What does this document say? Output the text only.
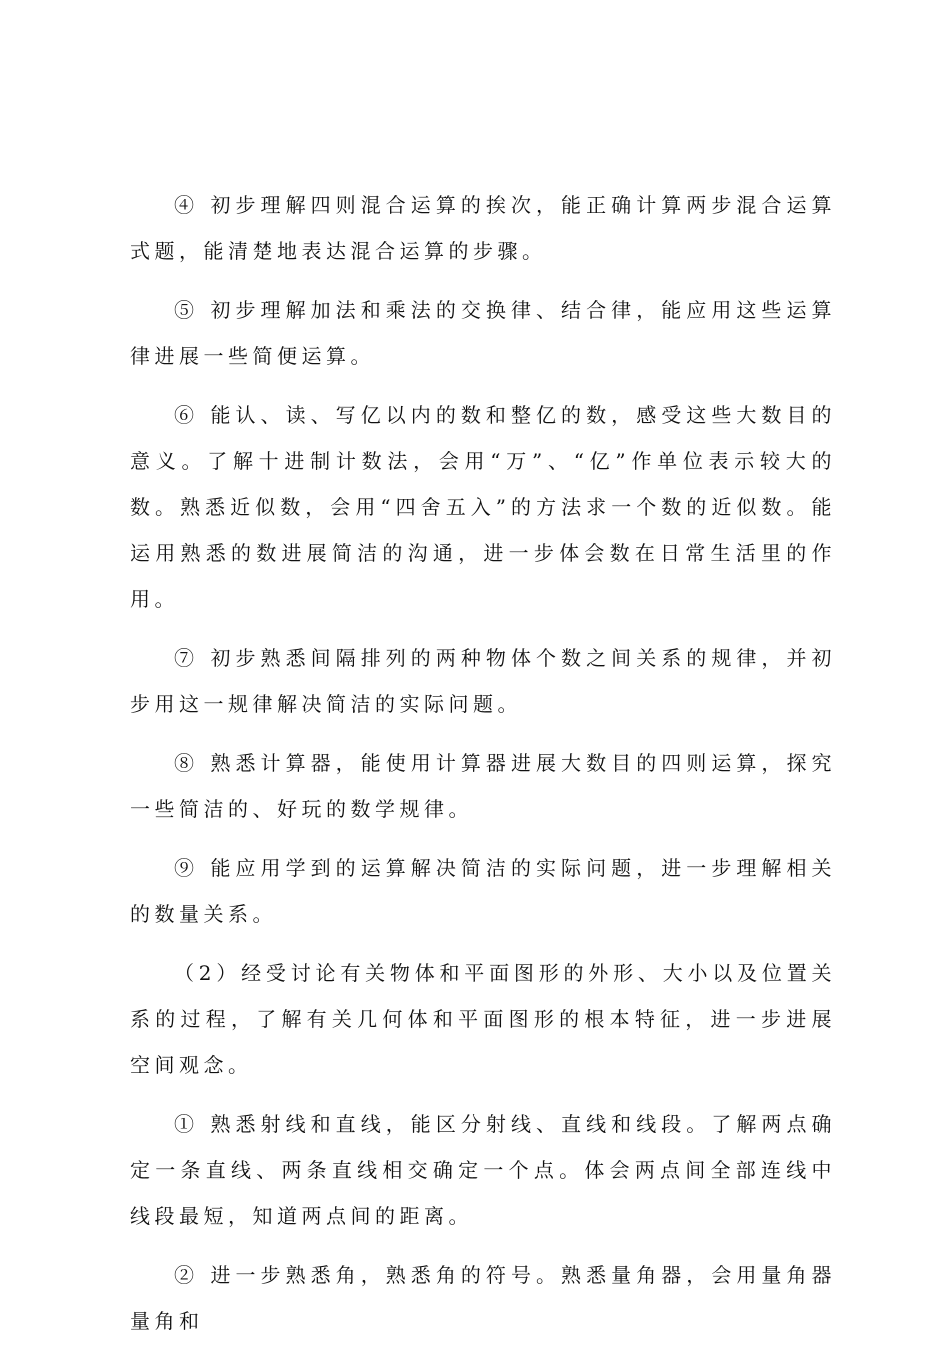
④ 初步理解四则混合运算的挨次，能正确计算两步混合运算式题，能清楚地表达混合运算的步骤。

⑤ 初步理解加法和乘法的交换律、结合律，能应用这些运算律进展一些简便运算。

⑥ 能认、读、写亿以内的数和整亿的数，感受这些大数目的意义。了解十进制计数法，会用“万”、“亿”作单位表示较大的数。熟悉近似数，会用“四舍五入”的方法求一个数的近似数。能运用熟悉的数进展简洁的沟通，进一步体会数在日常生活里的作用。

⑦ 初步熟悉间隔排列的两种物体个数之间关系的规律，并初步用这一规律解决简洁的实际问题。

⑧ 熟悉计算器，能使用计算器进展大数目的四则运算，探究一些简洁的、好玩的数学规律。

⑨ 能应用学到的运算解决简洁的实际问题，进一步理解相关的数量关系。

（2）经受讨论有关物体和平面图形的外形、大小以及位置关系的过程，了解有关几何体和平面图形的根本特征，进一步进展空间观念。

① 熟悉射线和直线，能区分射线、直线和线段。了解两点确定一条直线、两条直线相交确定一个点。体会两点间全部连线中线段最短，知道两点间的距离。

② 进一步熟悉角，熟悉角的符号。熟悉量角器，会用量角器量角和
